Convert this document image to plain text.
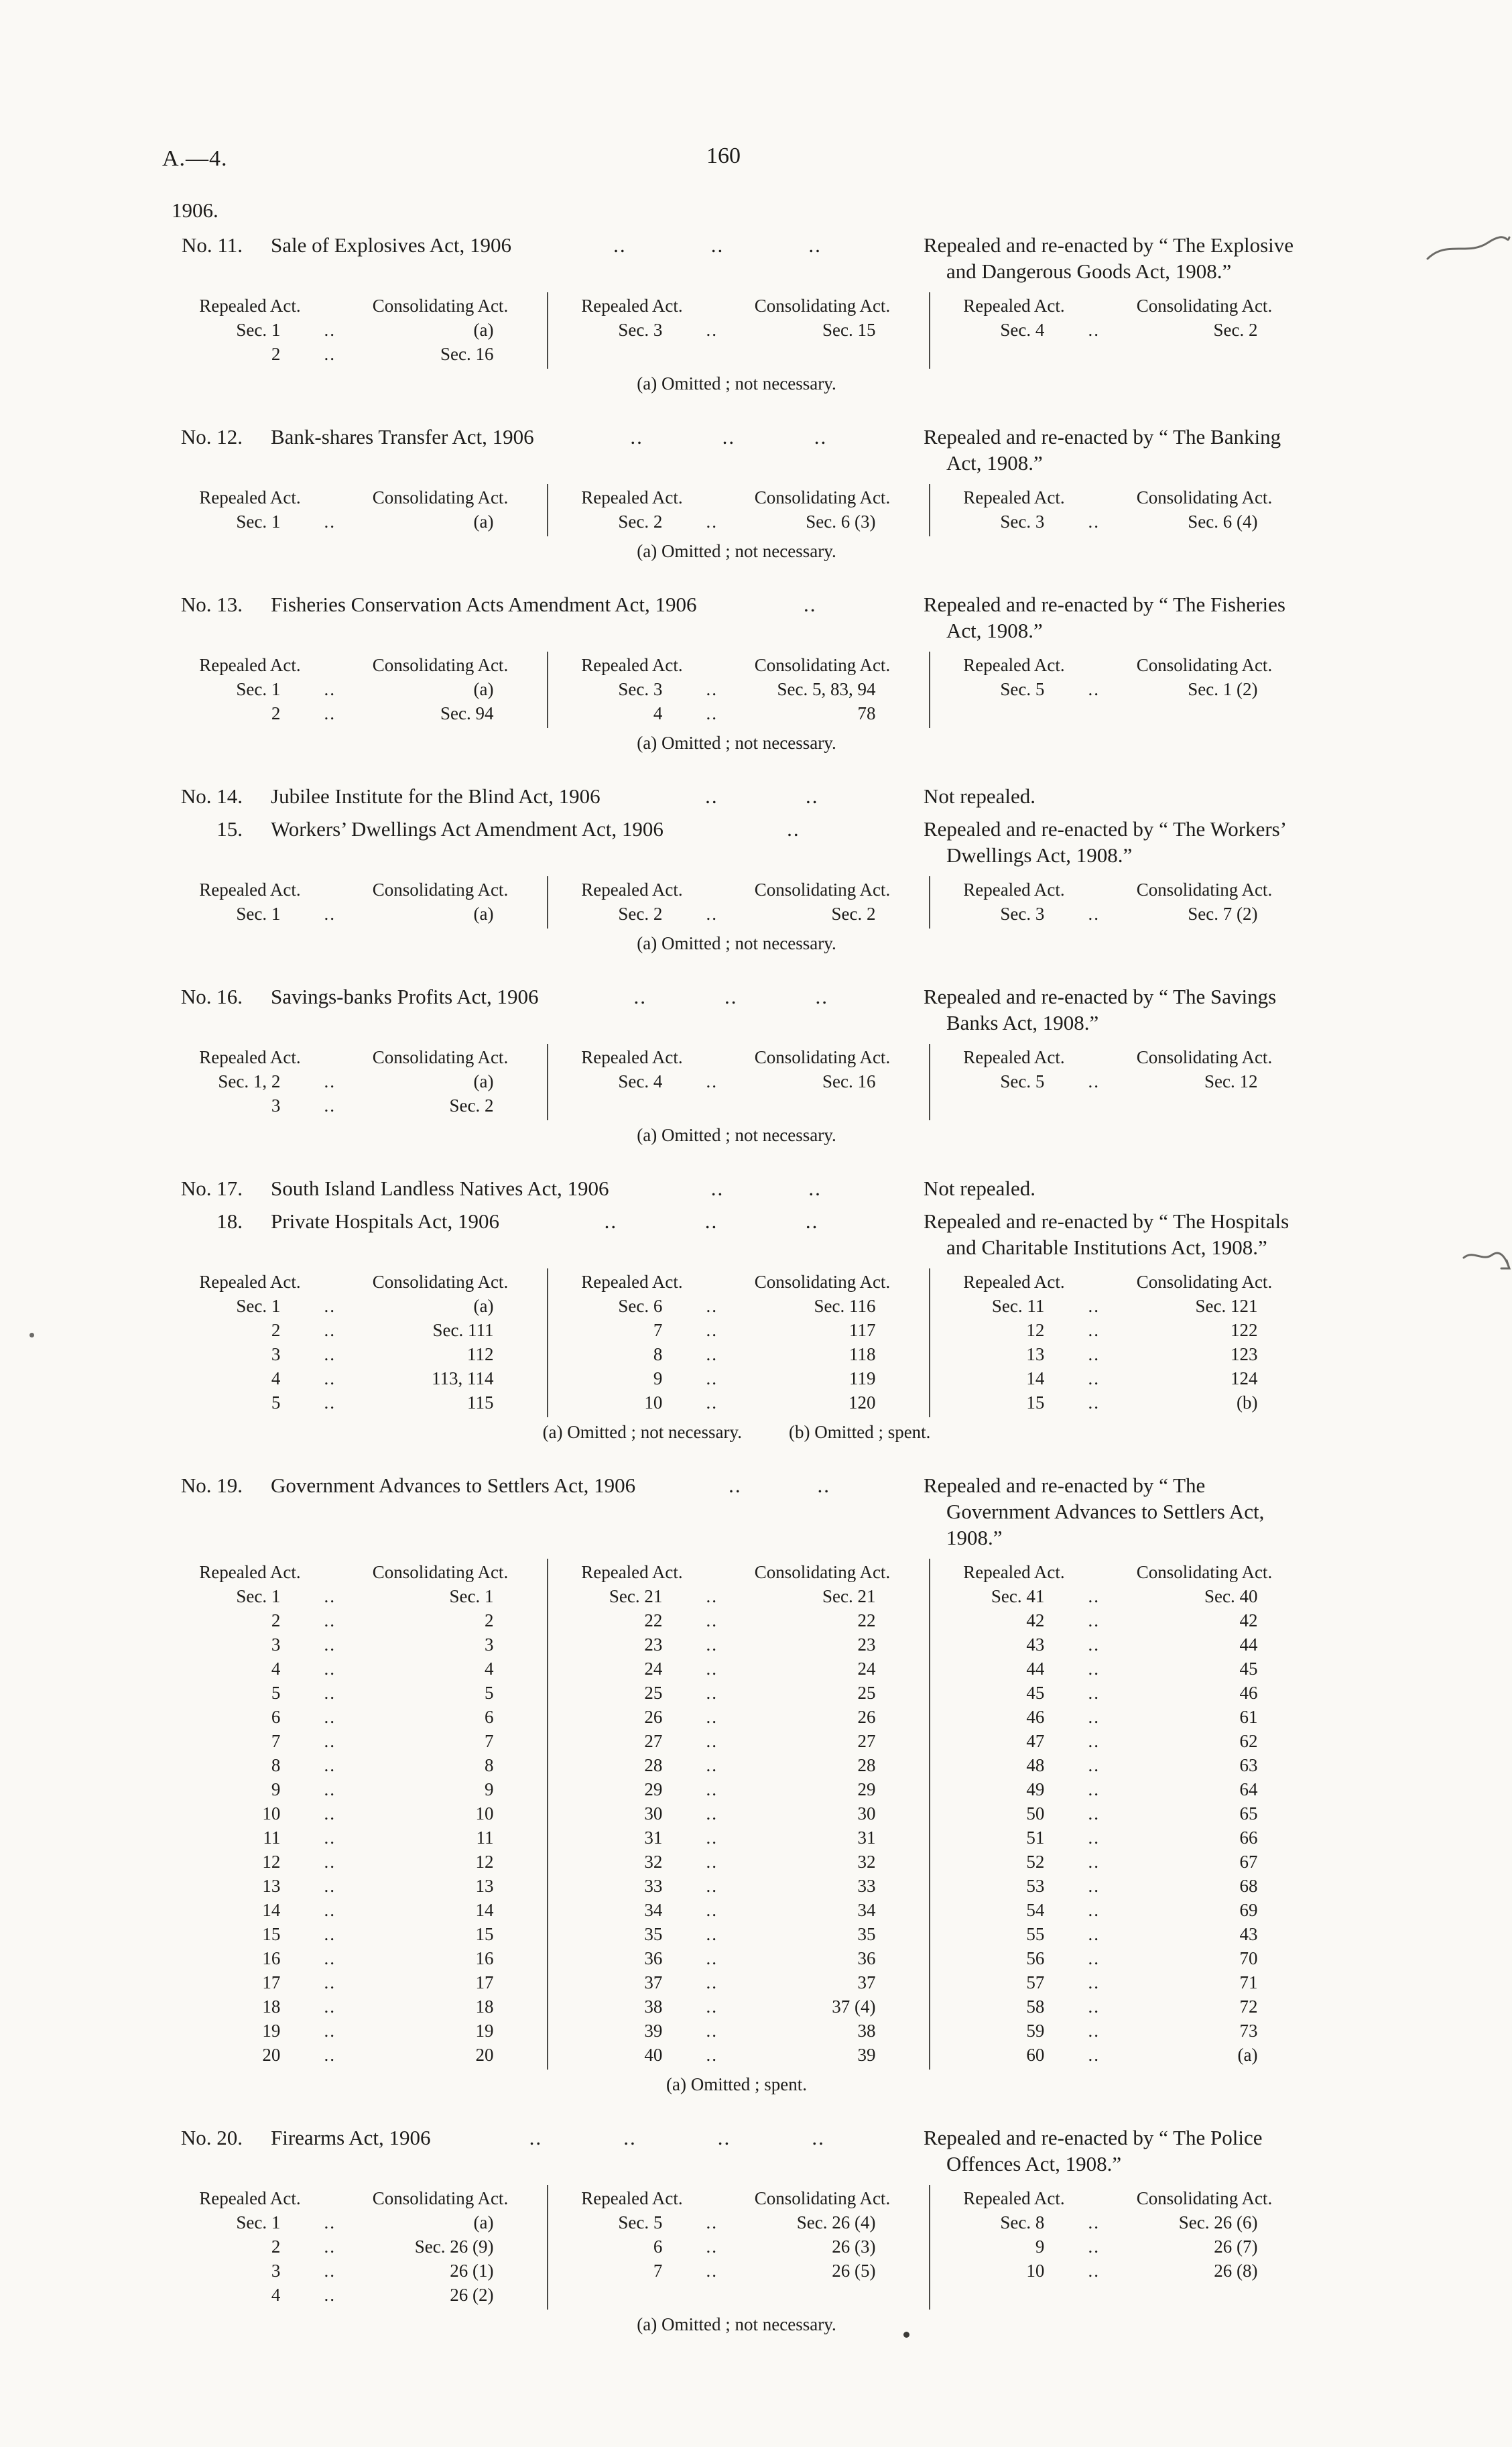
A.—4.	160
1906.
No. 11. Sale of Explosives Act, 1906	..	..	..	Repealed and re-enacted by “ The Explosive and Dangerous Goods Act, 1908.”
Repealed Act.	Consolidating Act.
Sec. 1	..	(a)
2	..	Sec. 16
Repealed Act.	Consolidating Act.
Sec. 3	..	Sec. 15
Repealed Act.	Consolidating Act.
Sec. 4	..	Sec. 2
(a) Omitted ; not necessary.
No. 12. Bank-shares Transfer Act, 1906	..	..	..	Repealed and re-enacted by “ The Banking Act, 1908.”
Repealed Act.	Consolidating Act.
Sec. 1	..	(a)
Repealed Act.	Consolidating Act.
Sec. 2	..	Sec. 6 (3)
Repealed Act.	Consolidating Act.
Sec. 3	..	Sec. 6 (4)
(a) Omitted ; not necessary.
No. 13. Fisheries Conservation Acts Amendment Act, 1906	..	Repealed and re-enacted by “ The Fisheries Act, 1908.”
Repealed Act.	Consolidating Act.
Sec. 1	..	(a)
2	..	Sec. 94
Repealed Act.	Consolidating Act.
Sec. 3	..	Sec. 5, 83, 94
4	..	78
Repealed Act.	Consolidating Act.
Sec. 5	..	Sec. 1 (2)
(a) Omitted ; not necessary.
No. 14. Jubilee Institute for the Blind Act, 1906	..	..	Not repealed.
15. Workers’ Dwellings Act Amendment Act, 1906	..	Repealed and re-enacted by “ The Workers’ Dwellings Act, 1908.”
Repealed Act.	Consolidating Act.
Sec. 1	..	(a)
Repealed Act.	Consolidating Act.
Sec. 2	..	Sec. 2
Repealed Act.	Consolidating Act.
Sec. 3	..	Sec. 7 (2)
(a) Omitted ; not necessary.
No. 16. Savings-banks Profits Act, 1906	..	..	..	Repealed and re-enacted by “ The Savings Banks Act, 1908.”
Repealed Act.	Consolidating Act.
Sec. 1, 2	..	(a)
3	..	Sec. 2
Repealed Act.	Consolidating Act.
Sec. 4	..	Sec. 16
Repealed Act.	Consolidating Act.
Sec. 5	..	Sec. 12
(a) Omitted ; not necessary.
No. 17. South Island Landless Natives Act, 1906	..	..	Not repealed.
18. Private Hospitals Act, 1906	..	..	..	Repealed and re-enacted by “ The Hospitals and Charitable Institutions Act, 1908.”
Repealed Act.	Consolidating Act.
Sec. 1	..	(a)
2	..	Sec. 111
3	..	112
4	..	113, 114
5	..	115
Repealed Act.	Consolidating Act.
Sec. 6	..	Sec. 116
7	..	117
8	..	118
9	..	119
10	..	120
Repealed Act.	Consolidating Act.
Sec. 11	..	Sec. 121
12	..	122
13	..	123
14	..	124
15	..	(b)
(a) Omitted ; not necessary.	(b) Omitted ; spent.
No. 19. Government Advances to Settlers Act, 1906	..	..	Repealed and re-enacted by “ The Government Advances to Settlers Act, 1908.”
Repealed Act.	Consolidating Act.
Sec. 1	..	Sec. 1
2	..	2
3	..	3
4	..	4
5	..	5
6	..	6
7	..	7
8	..	8
9	..	9
10	..	10
11	..	11
12	..	12
13	..	13
14	..	14
15	..	15
16	..	16
17	..	17
18	..	18
19	..	19
20	..	20
Repealed Act.	Consolidating Act.
Sec. 21	..	Sec. 21
22	..	22
23	..	23
24	..	24
25	..	25
26	..	26
27	..	27
28	..	28
29	..	29
30	..	30
31	..	31
32	..	32
33	..	33
34	..	34
35	..	35
36	..	36
37	..	37
38	..	37 (4)
39	..	38
40	..	39
Repealed Act.	Consolidating Act.
Sec. 41	..	Sec. 40
42	..	42
43	..	44
44	..	45
45	..	46
46	..	61
47	..	62
48	..	63
49	..	64
50	..	65
51	..	66
52	..	67
53	..	68
54	..	69
55	..	43
56	..	70
57	..	71
58	..	72
59	..	73
60	..	(a)
(a) Omitted ; spent.
No. 20. Firearms Act, 1906	..	..	..	..	Repealed and re-enacted by “ The Police Offences Act, 1908.”
Repealed Act.	Consolidating Act.
Sec. 1	..	(a)
2	..	Sec. 26 (9)
3	..	26 (1)
4	..	26 (2)
Repealed Act.	Consolidating Act.
Sec. 5	..	Sec. 26 (4)
6	..	26 (3)
7	..	26 (5)
Repealed Act.	Consolidating Act.
Sec. 8	..	Sec. 26 (6)
9	..	26 (7)
10	..	26 (8)
(a) Omitted ; not necessary.
